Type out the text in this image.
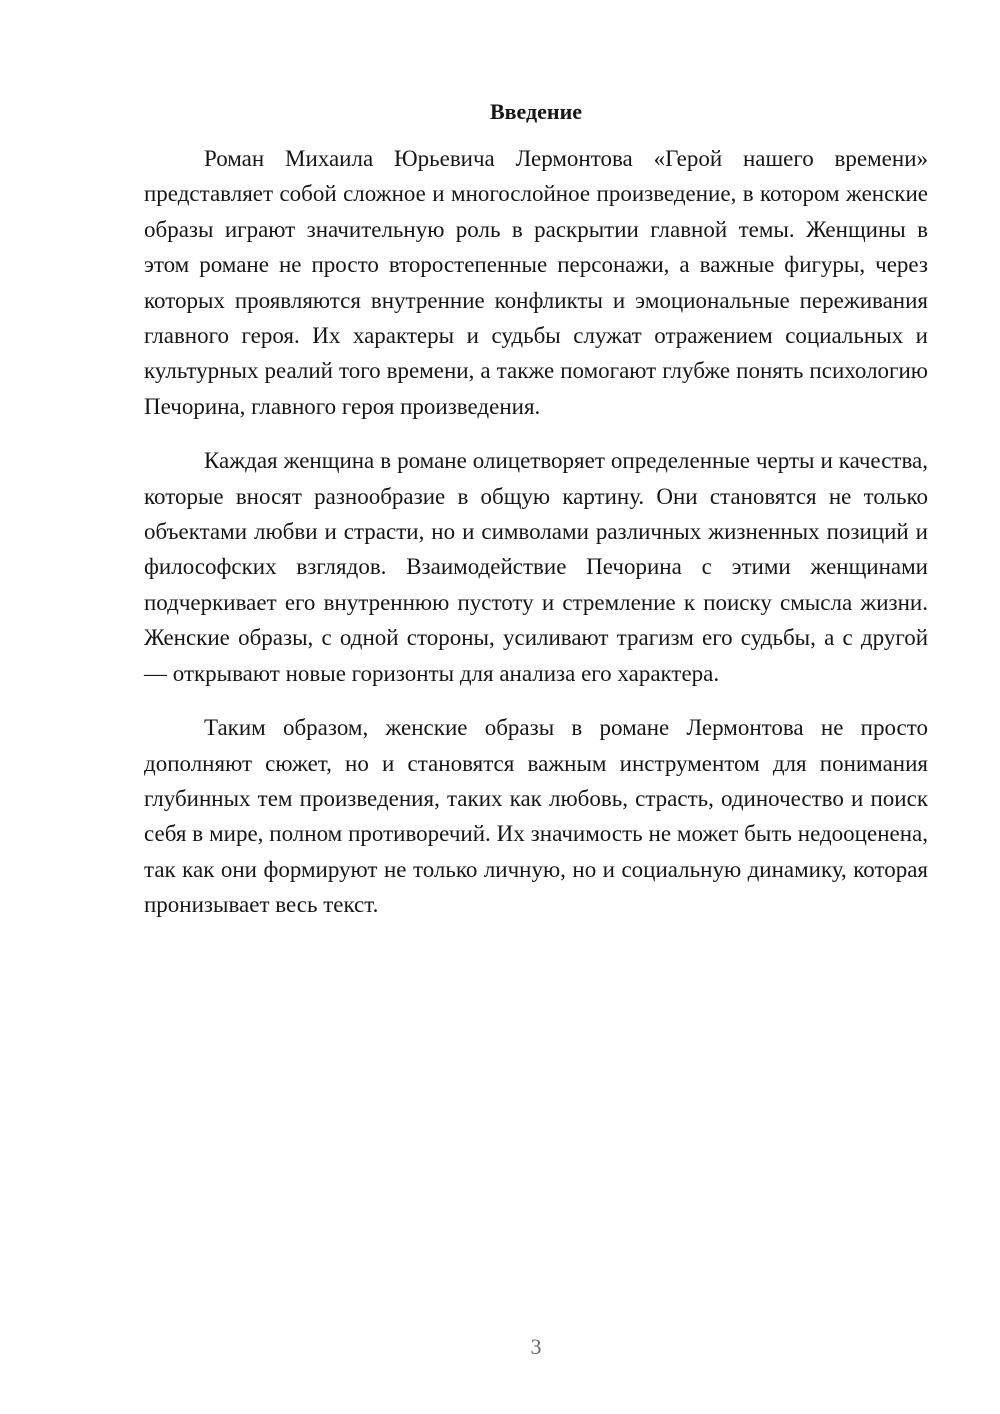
Введение

Роман Михаила Юрьевича Лермонтова «Герой нашего времени» представляет собой сложное и многослойное произведение, в котором женские образы играют значительную роль в раскрытии главной темы. Женщины в этом романе не просто второстепенные персонажи, а важные фигуры, через которых проявляются внутренние конфликты и эмоциональные переживания главного героя. Их характеры и судьбы служат отражением социальных и культурных реалий того времени, а также помогают глубже понять психологию Печорина, главного героя произведения.

Каждая женщина в романе олицетворяет определенные черты и качества, которые вносят разнообразие в общую картину. Они становятся не только объектами любви и страсти, но и символами различных жизненных позиций и философских взглядов. Взаимодействие Печорина с этими женщинами подчеркивает его внутреннюю пустоту и стремление к поиску смысла жизни. Женские образы, с одной стороны, усиливают трагизм его судьбы, а с другой — открывают новые горизонты для анализа его характера.

Таким образом, женские образы в романе Лермонтова не просто дополняют сюжет, но и становятся важным инструментом для понимания глубинных тем произведения, таких как любовь, страсть, одиночество и поиск себя в мире, полном противоречий. Их значимость не может быть недооценена, так как они формируют не только личную, но и социальную динамику, которая пронизывает весь текст.

3
